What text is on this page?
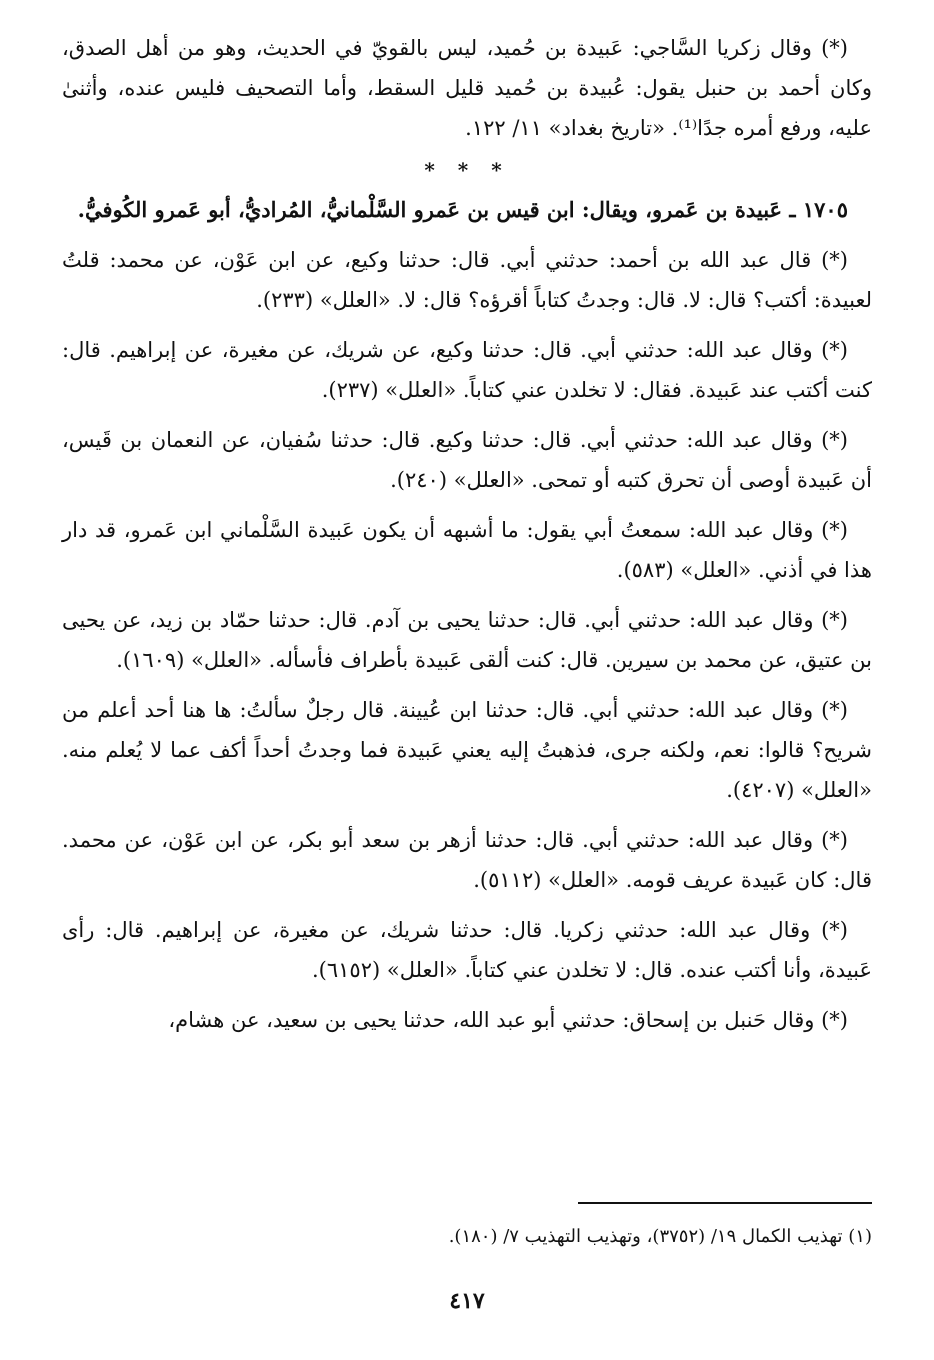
(*) وقال زكريا السَّاجي: عَبيدة بن حُميد، ليس بالقويّ في الحديث، وهو من أهل الصدق، وكان أحمد بن حنبل يقول: عُبيدة بن حُميد قليل السقط، وأما التصحيف فليس عنده، وأثنىٰ عليه، ورفع أمره جدًا⁽¹⁾. «تاريخ بغداد» ١١/ ١٢٢.

* * *

١٧٠٥ ـ عَبيدة بن عَمرو، ويقال: ابن قيس بن عَمرو السَّلْمانيُّ، المُراديُّ، أبو عَمرو الكُوفيُّ.

(*) قال عبد الله بن أحمد: حدثني أبي. قال: حدثنا وكيع، عن ابن عَوْن، عن محمد: قلتُ لعبيدة: أكتب؟ قال: لا. قال: وجدتُ كتاباً أقرؤه؟ قال: لا. «العلل» (٢٣٣).

(*) وقال عبد الله: حدثني أبي. قال: حدثنا وكيع، عن شريك، عن مغيرة، عن إبراهيم. قال: كنت أكتب عند عَبيدة. فقال: لا تخلدن عني كتاباً. «العلل» (٢٣٧).

(*) وقال عبد الله: حدثني أبي. قال: حدثنا وكيع. قال: حدثنا سُفيان، عن النعمان بن قَيس، أن عَبيدة أوصى أن تحرق كتبه أو تمحى. «العلل» (٢٤٠).

(*) وقال عبد الله: سمعتُ أبي يقول: ما أشبهه أن يكون عَبيدة السَّلْماني ابن عَمرو، قد دار هذا في أذني. «العلل» (٥٨٣).

(*) وقال عبد الله: حدثني أبي. قال: حدثنا يحيى بن آدم. قال: حدثنا حمّاد بن زيد، عن يحيى بن عتيق، عن محمد بن سيرين. قال: كنت ألقى عَبيدة بأطراف فأسأله. «العلل» (١٦٠٩).

(*) وقال عبد الله: حدثني أبي. قال: حدثنا ابن عُيينة. قال رجلٌ سألتُ: ها هنا أحد أعلم من شريح؟ قالوا: نعم، ولكنه جرى، فذهبتُ إليه يعني عَبيدة فما وجدتُ أحداً أكف عما لا يُعلم منه. «العلل» (٤٢٠٧).

(*) وقال عبد الله: حدثني أبي. قال: حدثنا أزهر بن سعد أبو بكر، عن ابن عَوْن، عن محمد. قال: كان عَبيدة عريف قومه. «العلل» (٥١١٢).

(*) وقال عبد الله: حدثني زكريا. قال: حدثنا شريك، عن مغيرة، عن إبراهيم. قال: رأى عَبيدة، وأنا أكتب عنده. قال: لا تخلدن عني كتاباً. «العلل» (٦١٥٢).

(*) وقال حَنبل بن إسحاق: حدثني أبو عبد الله، حدثنا يحيى بن سعيد، عن هشام،

(١) تهذيب الكمال ١٩/ (٣٧٥٢)، وتهذيب التهذيب ٧/ (١٨٠).
٤١٧
